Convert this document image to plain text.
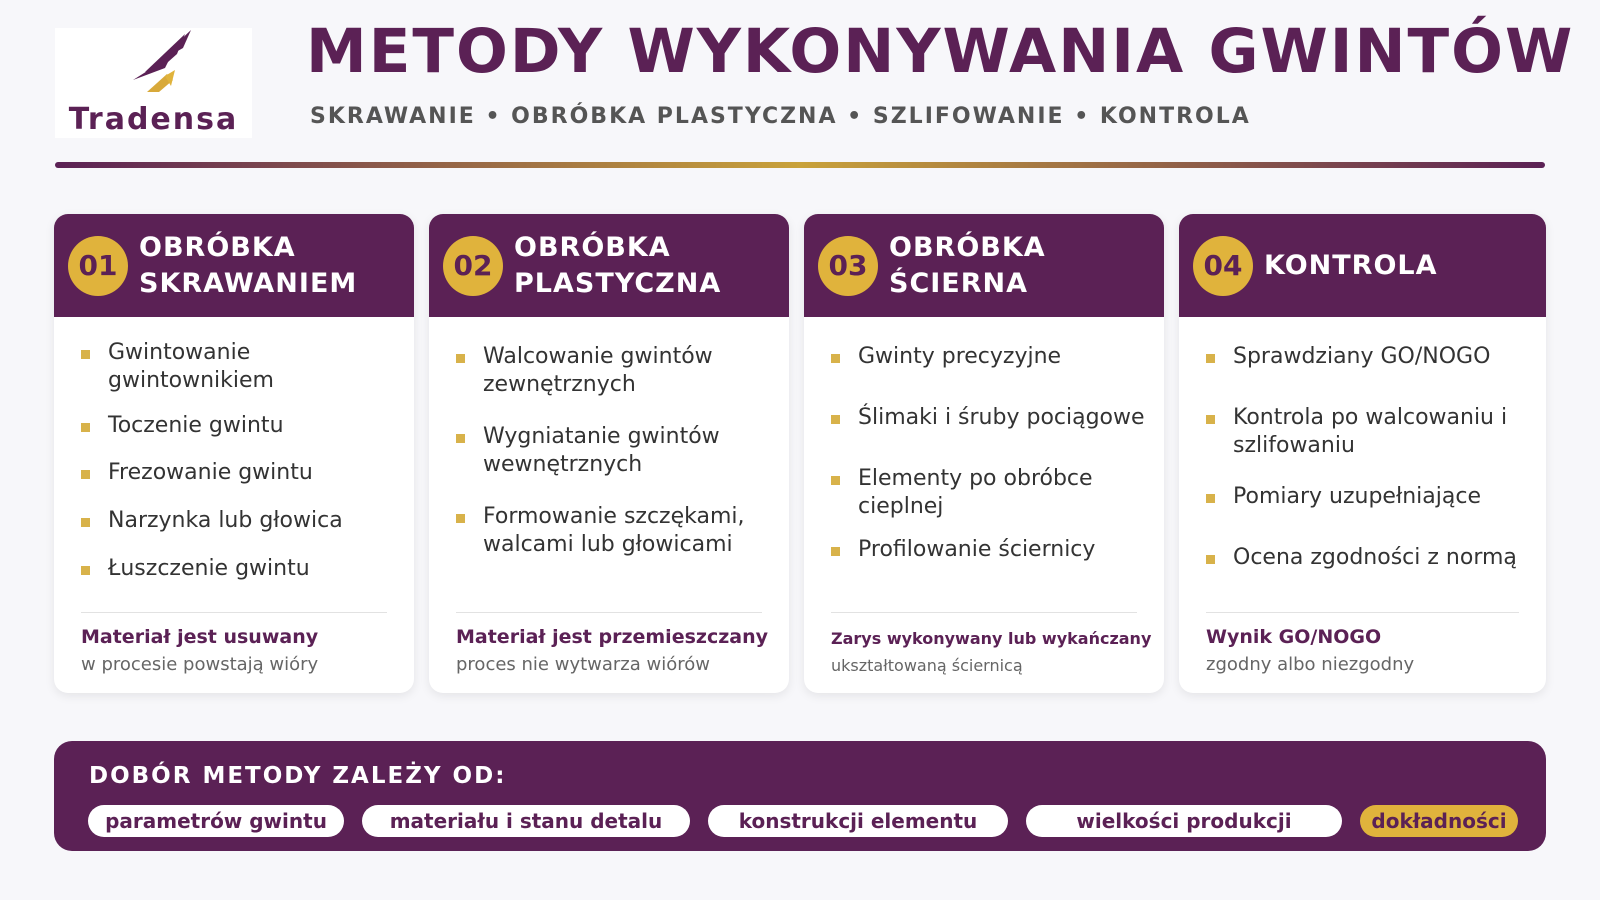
Tradensa
METODY WYKONYWANIA GWINTÓW
SKRAWANIE • OBRÓBKA PLASTYCZNA • SZLIFOWANIE • KONTROLA
01
OBRÓBKA SKRAWANIEM
Gwintowanie gwintownikiem
Toczenie gwintu
Frezowanie gwintu
Narzynka lub głowica
Łuszczenie gwintu
Materiał jest usuwany
w procesie powstają wióry
02
OBRÓBKA PLASTYCZNA
Walcowanie gwintów zewnętrznych
Wygniatanie gwintów wewnętrznych
Formowanie szczękami, walcami lub głowicami
Materiał jest przemieszczany
proces nie wytwarza wiórów
03
OBRÓBKA ŚCIERNA
Gwinty precyzyjne
Ślimaki i śruby pociągowe
Elementy po obróbce cieplnej
Profilowanie ściernicy
Zarys wykonywany lub wykańczany
ukształtowaną ściernicą
04 KONTROLA
Sprawdziany GO/NOGO
Kontrola po walcowaniu i szlifowaniu
Pomiary uzupełniające
Ocena zgodności z normą
Wynik GO/NOGO
zgodny albo niezgodny
DOBÓR METODY ZALEŻY OD:
parametrów gwintu	materiału i stanu detalu	konstrukcji elementu	wielkości produkcji	dokładności
